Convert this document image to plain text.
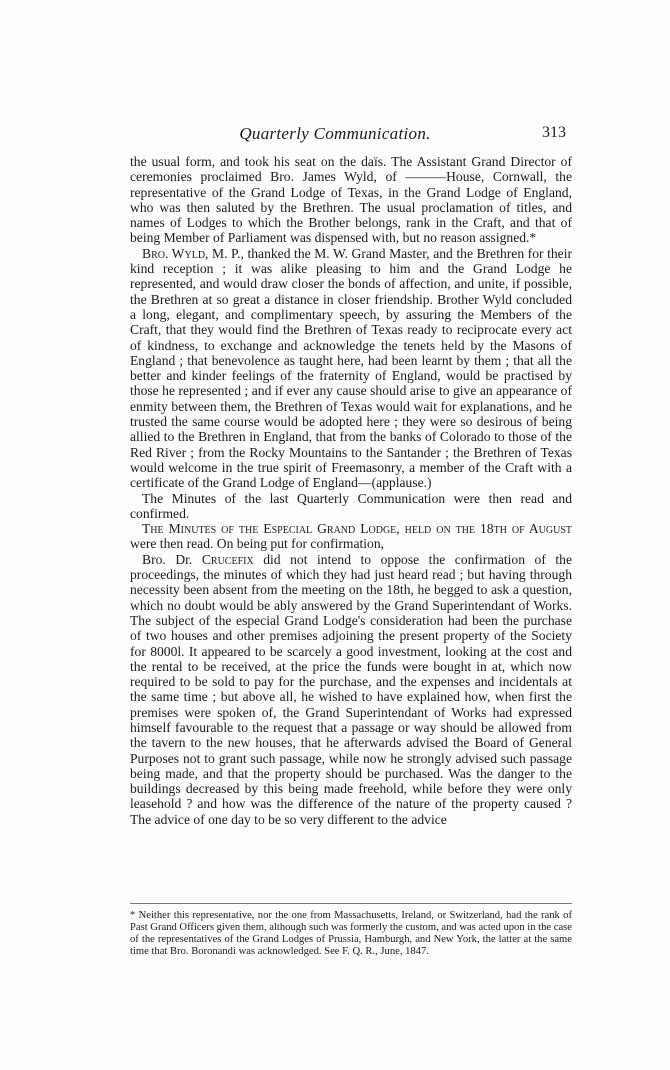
Quarterly Communication.	313

the usual form, and took his seat on the daïs. The Assistant Grand Director of ceremonies proclaimed Bro. James Wyld, of ———House, Cornwall, the representative of the Grand Lodge of Texas, in the Grand Lodge of England, who was then saluted by the Brethren. The usual proclamation of titles, and names of Lodges to which the Brother belongs, rank in the Craft, and that of being Member of Parliament was dispensed with, but no reason assigned.*

Bro. Wyld, M. P., thanked the M. W. Grand Master, and the Brethren for their kind reception ; it was alike pleasing to him and the Grand Lodge he represented, and would draw closer the bonds of affection, and unite, if possible, the Brethren at so great a distance in closer friendship. Brother Wyld concluded a long, elegant, and complimentary speech, by assuring the Members of the Craft, that they would find the Brethren of Texas ready to reciprocate every act of kindness, to exchange and acknowledge the tenets held by the Masons of England ; that benevolence as taught here, had been learnt by them ; that all the better and kinder feelings of the fraternity of England, would be practised by those he represented ; and if ever any cause should arise to give an appearance of enmity between them, the Brethren of Texas would wait for explanations, and he trusted the same course would be adopted here ; they were so desirous of being allied to the Brethren in England, that from the banks of Colorado to those of the Red River ; from the Rocky Mountains to the Santander ; the Brethren of Texas would welcome in the true spirit of Freemasonry, a member of the Craft with a certificate of the Grand Lodge of England—(applause.)

The Minutes of the last Quarterly Communication were then read and confirmed.

The Minutes of the Especial Grand Lodge, held on the 18th of August were then read. On being put for confirmation,

Bro. Dr. Crucefix did not intend to oppose the confirmation of the proceedings, the minutes of which they had just heard read ; but having through necessity been absent from the meeting on the 18th, he begged to ask a question, which no doubt would be ably answered by the Grand Superintendant of Works. The subject of the especial Grand Lodge's consideration had been the purchase of two houses and other premises adjoining the present property of the Society for 8000l. It appeared to be scarcely a good investment, looking at the cost and the rental to be received, at the price the funds were bought in at, which now required to be sold to pay for the purchase, and the expenses and incidentals at the same time ; but above all, he wished to have explained how, when first the premises were spoken of, the Grand Superintendant of Works had expressed himself favourable to the request that a passage or way should be allowed from the tavern to the new houses, that he afterwards advised the Board of General Purposes not to grant such passage, while now he strongly advised such passage being made, and that the property should be purchased. Was the danger to the buildings decreased by this being made freehold, while before they were only leasehold ? and how was the difference of the nature of the property caused ? The advice of one day to be so very different to the advice

* Neither this representative, nor the one from Massachusetts, Ireland, or Switzerland, had the rank of Past Grand Officers given them, although such was formerly the custom, and was acted upon in the case of the representatives of the Grand Lodges of Prussia, Hamburgh, and New York, the latter at the same time that Bro. Boronandi was acknowledged. See F. Q. R., June, 1847.
